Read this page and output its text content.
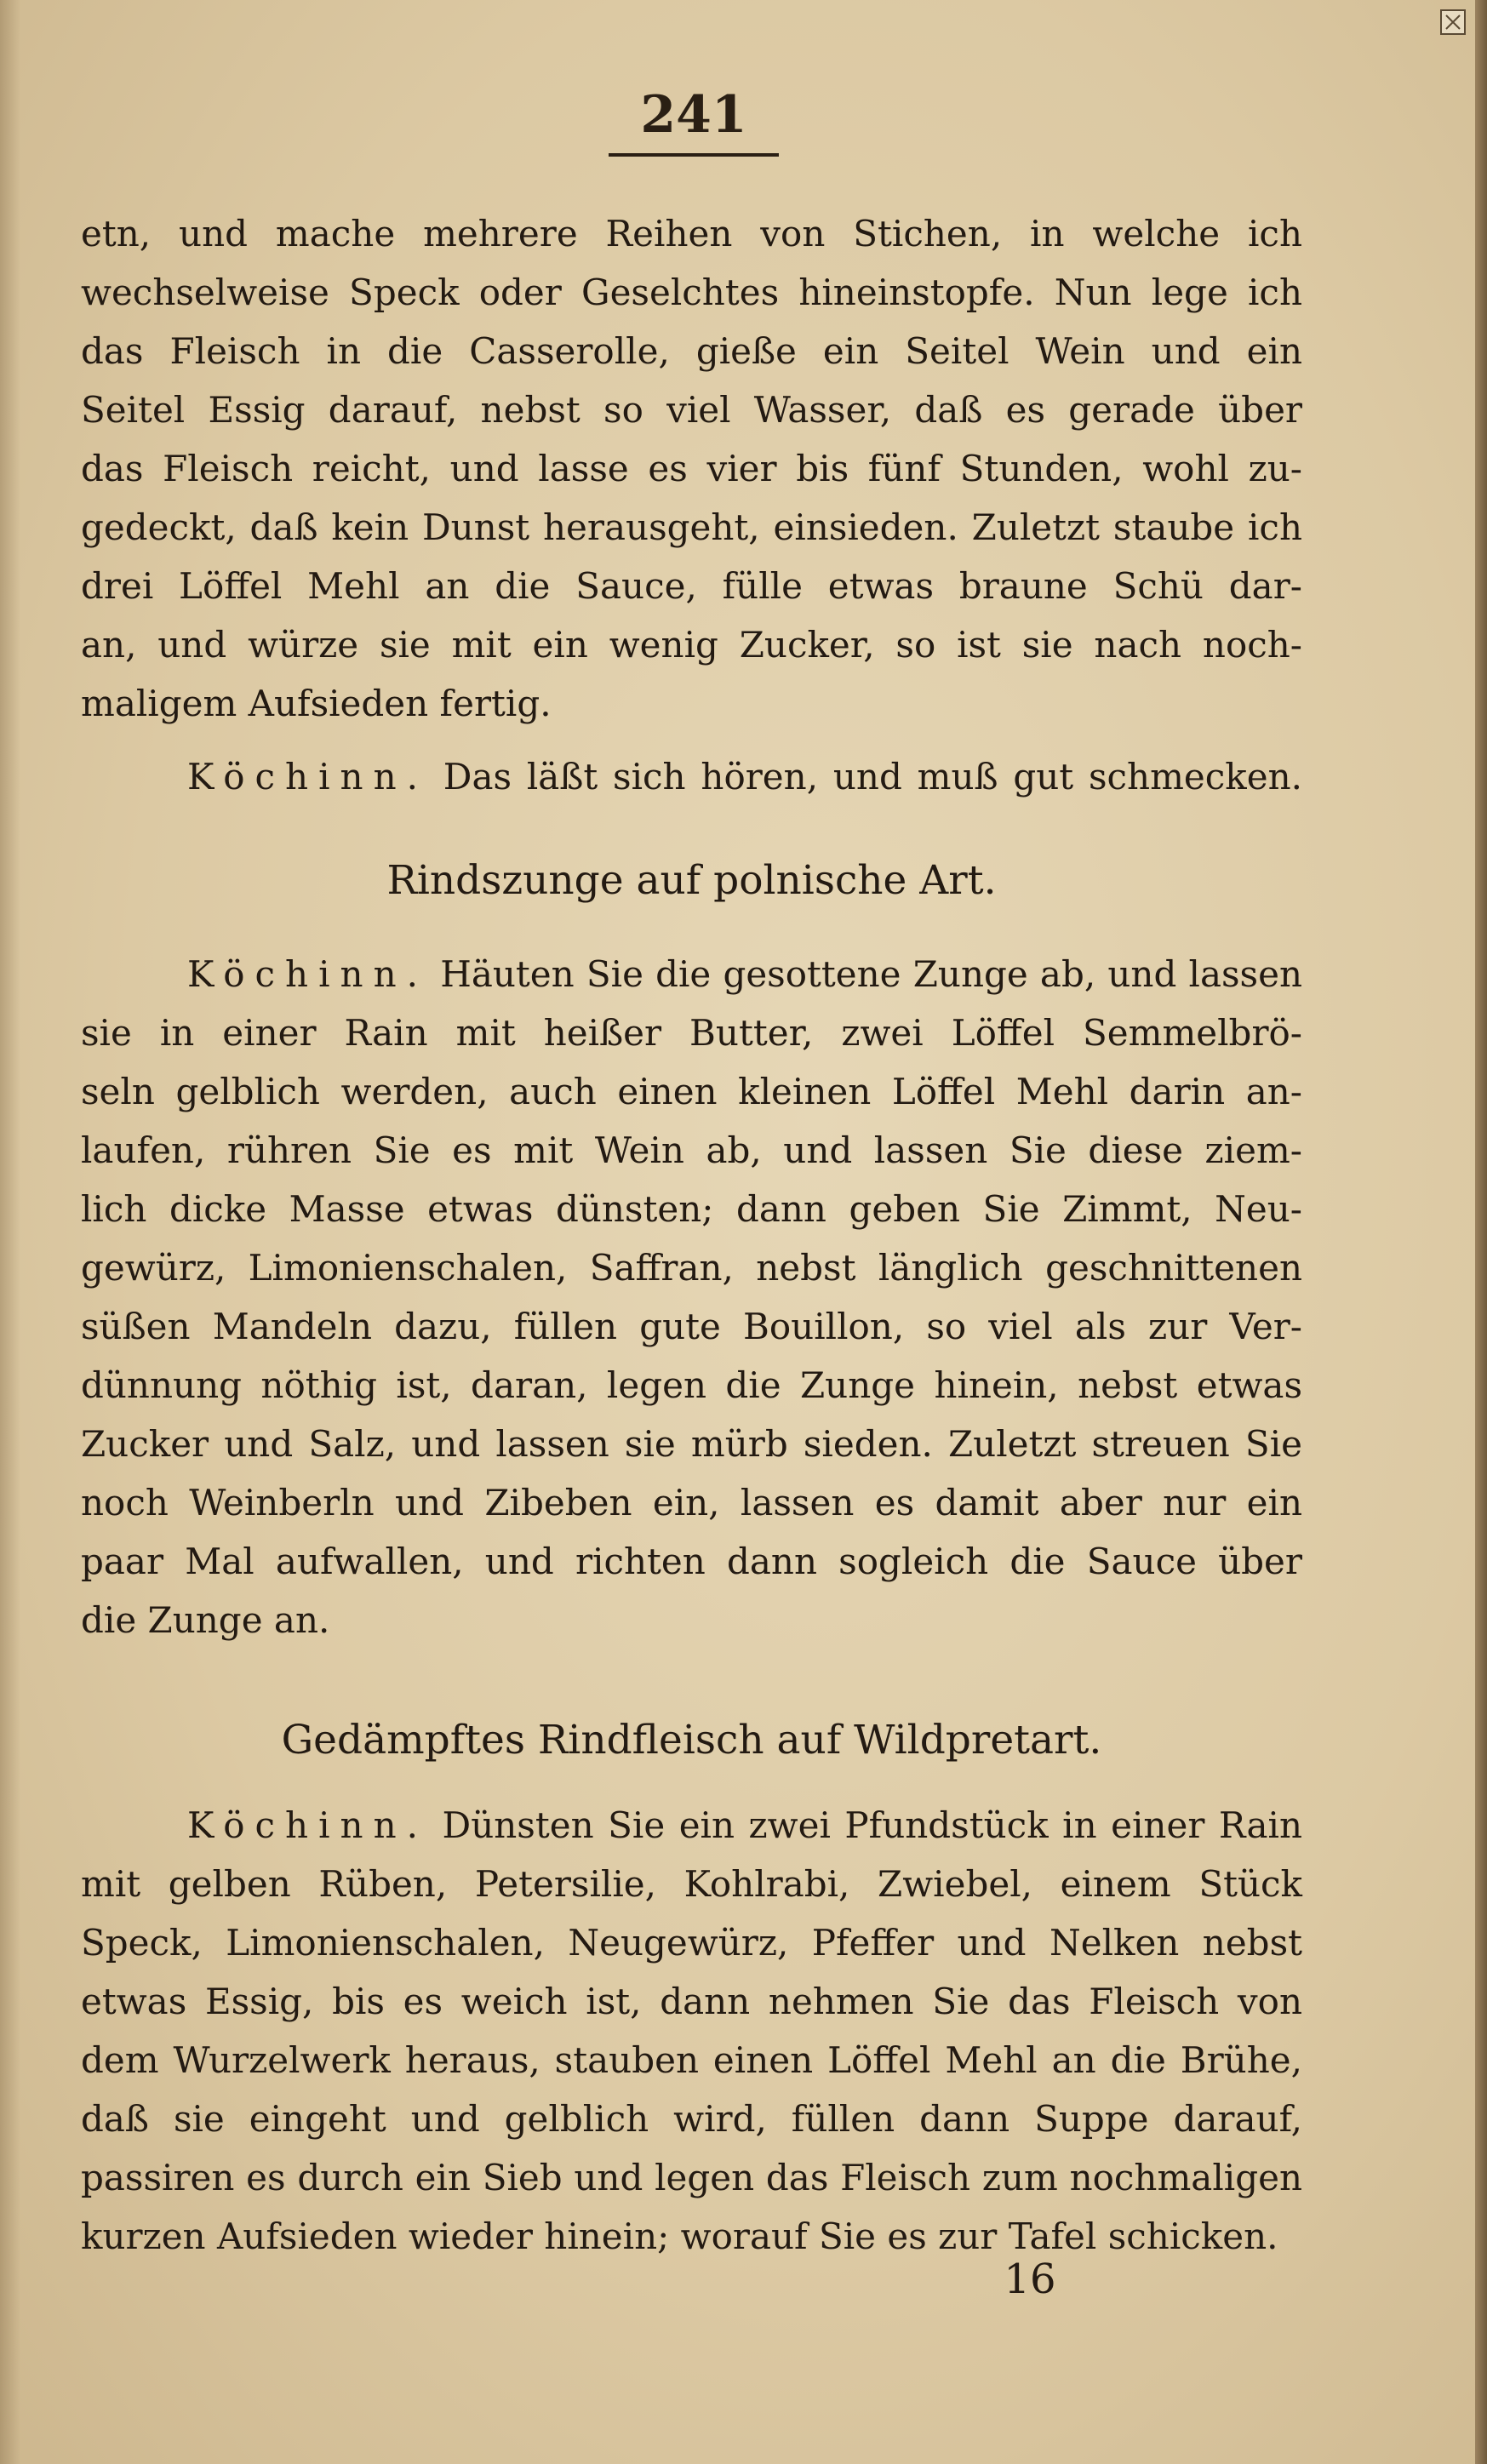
241
etn, und mache mehrere Reihen von Stichen, in welche ich
wechselweise Speck oder Geselchtes hineinstopfe. Nun lege ich
das Fleisch in die Casserolle, gieße ein Seitel Wein und ein
Seitel Essig darauf, nebst so viel Wasser, daß es gerade über
das Fleisch reicht, und lasse es vier bis fünf Stunden, wohl zu-
gedeckt, daß kein Dunst herausgeht, einsieden. Zuletzt staube ich
drei Löffel Mehl an die Sauce, fülle etwas braune Schü dar-
an, und würze sie mit ein wenig Zucker, so ist sie nach noch-
maligem Aufsieden fertig.
Köchinn. Das läßt sich hören, und muß gut schmecken.
Rindszunge auf polnische Art.
Köchinn. Häuten Sie die gesottene Zunge ab, und lassen
sie in einer Rain mit heißer Butter, zwei Löffel Semmelbrö-
seln gelblich werden, auch einen kleinen Löffel Mehl darin an-
laufen, rühren Sie es mit Wein ab, und lassen Sie diese ziem-
lich dicke Masse etwas dünsten; dann geben Sie Zimmt, Neu-
gewürz, Limonienschalen, Saffran, nebst länglich geschnittenen
süßen Mandeln dazu, füllen gute Bouillon, so viel als zur Ver-
dünnung nöthig ist, daran, legen die Zunge hinein, nebst etwas
Zucker und Salz, und lassen sie mürb sieden. Zuletzt streuen Sie
noch Weinberln und Zibeben ein, lassen es damit aber nur ein
paar Mal aufwallen, und richten dann sogleich die Sauce über
die Zunge an.
Gedämpftes Rindfleisch auf Wildpretart.
Köchinn. Dünsten Sie ein zwei Pfundstück in einer Rain
mit gelben Rüben, Petersilie, Kohlrabi, Zwiebel, einem Stück
Speck, Limonienschalen, Neugewürz, Pfeffer und Nelken nebst
etwas Essig, bis es weich ist, dann nehmen Sie das Fleisch von
dem Wurzelwerk heraus, stauben einen Löffel Mehl an die Brühe,
daß sie eingeht und gelblich wird, füllen dann Suppe darauf,
passiren es durch ein Sieb und legen das Fleisch zum nochmaligen
kurzen Aufsieden wieder hinein; worauf Sie es zur Tafel schicken.
16
